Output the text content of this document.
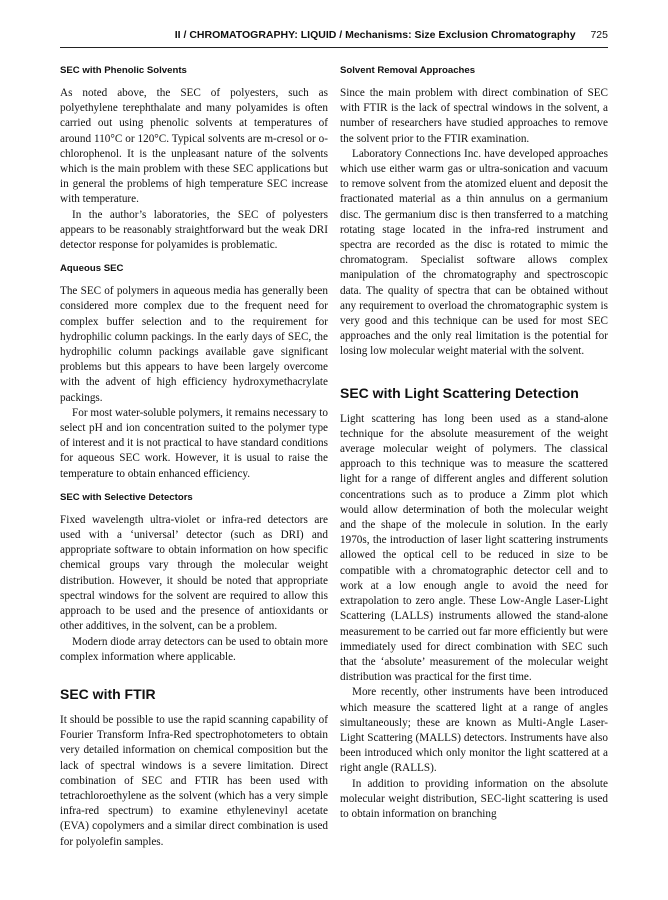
II / CHROMATOGRAPHY: LIQUID / Mechanisms: Size Exclusion Chromatography 725
SEC with Phenolic Solvents

As noted above, the SEC of polyesters, such as polyethylene terephthalate and many polyamides is often carried out using phenolic solvents at temperatures of around 110°C or 120°C. Typical solvents are m-cresol or o-chlorophenol. It is the unpleasant nature of the solvents which is the main problem with these SEC applications but in general the problems of high temperature SEC increase with temperature.

In the author’s laboratories, the SEC of polyesters appears to be reasonably straightforward but the weak DRI detector response for polyamides is problematic.

Aqueous SEC

The SEC of polymers in aqueous media has generally been considered more complex due to the frequent need for complex buffer selection and to the requirement for hydrophilic column packings. In the early days of SEC, the hydrophilic column packings available gave significant problems but this appears to have been largely overcome with the advent of high efficiency hydroxymethacrylate packings.

For most water-soluble polymers, it remains necessary to select pH and ion concentration suited to the polymer type of interest and it is not practical to have standard conditions for aqueous SEC work. However, it is usual to raise the temperature to obtain enhanced efficiency.

SEC with Selective Detectors

Fixed wavelength ultra-violet or infra-red detectors are used with a ‘universal’ detector (such as DRI) and appropriate software to obtain information on how specific chemical groups vary through the molecular weight distribution. However, it should be noted that appropriate spectral windows for the solvent are required to allow this approach to be used and the presence of antioxidants or other additives, in the solvent, can be a problem.

Modern diode array detectors can be used to obtain more complex information where applicable.

SEC with FTIR

It should be possible to use the rapid scanning capability of Fourier Transform Infra-Red spectrophotometers to obtain very detailed information on chemical composition but the lack of spectral windows is a severe limitation. Direct combination of SEC and FTIR has been used with tetrachloroethylene as the solvent (which has a very simple infra-red spectrum) to examine ethylenevinyl acetate (EVA) copolymers and a similar direct combination is used for polyolefin samples.

Solvent Removal Approaches

Since the main problem with direct combination of SEC with FTIR is the lack of spectral windows in the solvent, a number of researchers have studied approaches to remove the solvent prior to the FTIR examination.

Laboratory Connections Inc. have developed approaches which use either warm gas or ultra-sonication and vacuum to remove solvent from the atomized eluent and deposit the fractionated material as a thin annulus on a germanium disc. The germanium disc is then transferred to a matching rotating stage located in the infra-red instrument and spectra are recorded as the disc is rotated to mimic the chromatogram. Specialist software allows complex manipulation of the chromatography and spectroscopic data. The quality of spectra that can be obtained without any requirement to overload the chromatographic system is very good and this technique can be used for most SEC approaches and the only real limitation is the potential for losing low molecular weight material with the solvent.

SEC with Light Scattering Detection

Light scattering has long been used as a stand-alone technique for the absolute measurement of the weight average molecular weight of polymers. The classical approach to this technique was to measure the scattered light for a range of different angles and different solution concentrations such as to produce a Zimm plot which would allow determination of both the molecular weight and the shape of the molecule in solution. In the early 1970s, the introduction of laser light scattering instruments allowed the optical cell to be reduced in size to be compatible with a chromatographic detector cell and to work at a low enough angle to avoid the need for extrapolation to zero angle. These Low-Angle Laser-Light Scattering (LALLS) instruments allowed the stand-alone measurement to be carried out far more efficiently but were immediately used for direct combination with SEC such that the ‘absolute’ measurement of the molecular weight distribution was practical for the first time.

More recently, other instruments have been introduced which measure the scattered light at a range of angles simultaneously; these are known as Multi-Angle Laser-Light Scattering (MALLS) detectors. Instruments have also been introduced which only monitor the light scattered at a right angle (RALLS).

In addition to providing information on the absolute molecular weight distribution, SEC-light scattering is used to obtain information on branching
